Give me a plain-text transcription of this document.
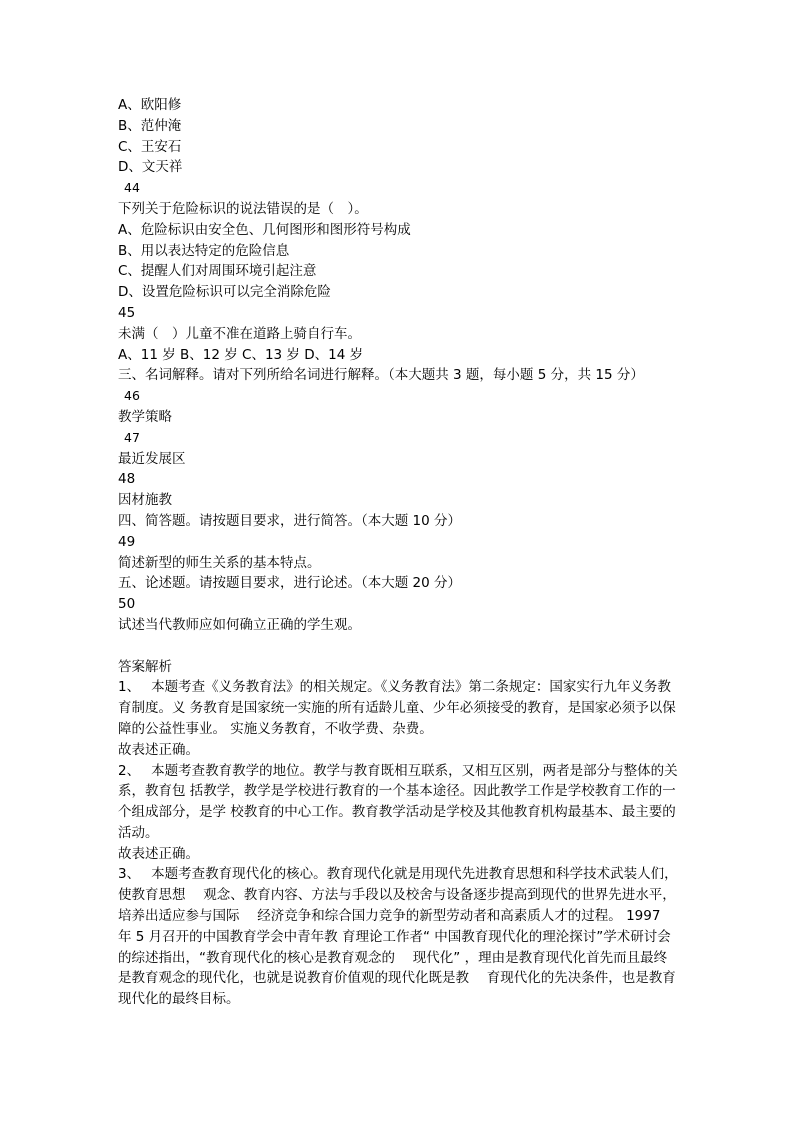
A、欧阳修
B、范仲淹
C、王安石
D、文天祥
44
下列关于危险标识的说法错误的是（　）。
A、危险标识由安全色、几何图形和图形符号构成
B、用以表达特定的危险信息
C、提醒人们对周围环境引起注意
D、设置危险标识可以完全消除危险
45
未满（　）儿童不准在道路上骑自行车。
A、11 岁 B、12 岁 C、13 岁 D、14 岁
三、名词解释。请对下列所给名词进行解释。（本大题共 3 题，每小题 5 分，共 15 分）
46
教学策略
47
最近发展区
48
因材施教
四、简答题。请按题目要求，进行简答。（本大题 10 分）
49
简述新型的师生关系的基本特点。
五、论述题。请按题目要求，进行论述。（本大题 20 分）
50
试述当代教师应如何确立正确的学生观。
答案解析
1、　 本题考查《义务教育法》的相关规定。《义务教育法》第二条规定：国家实行九年义务教育制度。义 务教育是国家统一实施的所有适龄儿童、少年必须接受的教育，是国家必须予以保障的公益性事业。 实施义务教育，不收学费、杂费。
故表述正确。
2、　 本题考查教育教学的地位。教学与教育既相互联系，又相互区别，两者是部分与整体的关系，教育包 括教学，教学是学校进行教育的一个基本途径。因此教学工作是学校教育工作的一个组成部分，是学 校教育的中心工作。教育教学活动是学校及其他教育机构最基本、最主要的活动。
故表述正确。
3、　 本题考查教育现代化的核心。教育现代化就是用现代先进教育思想和科学技术武装人们，使教育思想　 观念、教育内容、方法与手段以及校舍与设备逐步提高到现代的世界先进水平，培养出适应参与国际　 经济竞争和综合国力竞争的新型劳动者和高素质人才的过程。 1997 年 5 月召开的中国教育学会中青年教 育理论工作者“ 中国教育现代化的理沦探讨”学术研讨会的综述指出，“教育现代化的核心是教育观念的　 现代化” ，理由是教育现代化首先而且最终是教育观念的现代化，也就是说教育价值观的现代化既是教　 育现代化的先决条件，也是教育现代化的最终目标。
